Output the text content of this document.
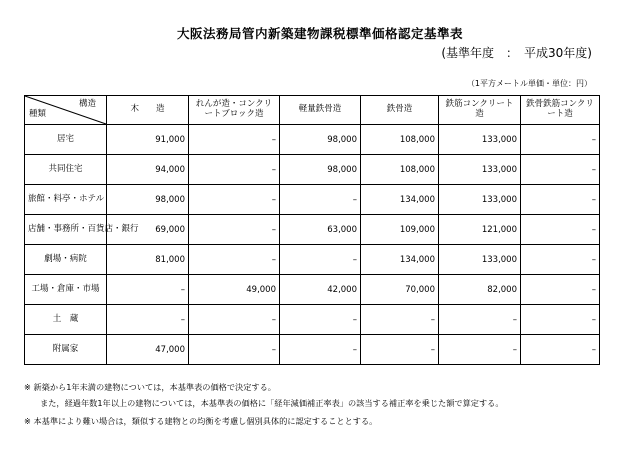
大阪法務局管内新築建物課税標準価格認定基準表
(基準年度　：　平成30年度)
（1平方メートル単価・単位：円）
構造
種類	木　　造	れんが造・コンクリートブロック造	軽量鉄骨造	鉄骨造	鉄筋コンクリート造	鉄骨鉄筋コンクリート造
居宅	91,000	–	98,000	108,000	133,000	–
共同住宅	94,000	–	98,000	108,000	133,000	–
旅館・料亭・ホテル	98,000	–	–	134,000	133,000	–
店舗・事務所・百貨店・銀行	69,000	–	63,000	109,000	121,000	–
劇場・病院	81,000	–	–	134,000	133,000	–
工場・倉庫・市場	–	49,000	42,000	70,000	82,000	–
土　蔵	–	–	–	–	–	–
附属家	47,000	–	–	–	–	–
※ 新築から1年未満の建物については，本基準表の価格で決定する。
また，経過年数1年以上の建物については，本基準表の価格に「経年減価補正率表」の該当する補正率を乗じた額で算定する。
※ 本基準により難い場合は，類似する建物との均衡を考慮し個別具体的に認定することとする。
